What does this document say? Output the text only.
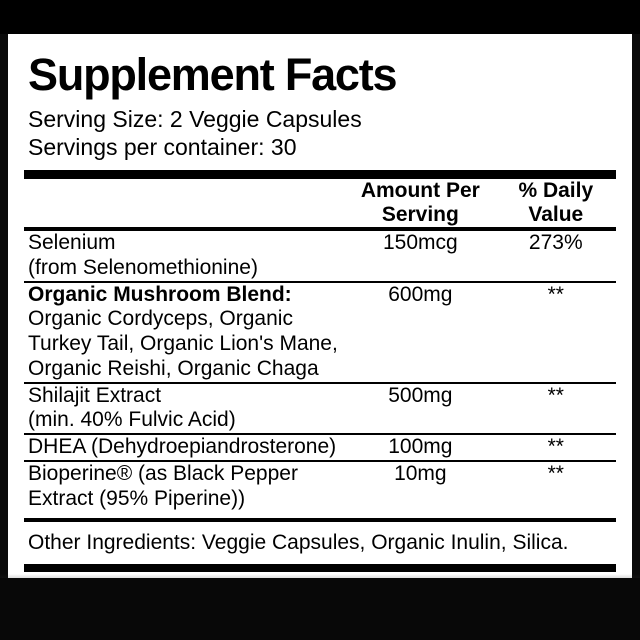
Supplement Facts
Serving Size: 2 Veggie Capsules
Servings per container: 30
	Amount Per Serving	% Daily Value

Selenium
(from Selenomethionine)	150mcg	273%

Organic Mushroom Blend:
Organic Cordyceps, Organic Turkey Tail, Organic Lion's Mane, Organic Reishi, Organic Chaga	600mg	**

Shilajit Extract
(min. 40% Fulvic Acid)	500mg	**

DHEA (Dehydroepiandrosterone)	100mg	**

Bioperine® (as Black Pepper Extract (95% Piperine))	10mg	**
Other Ingredients: Veggie Capsules, Organic Inulin, Silica.
